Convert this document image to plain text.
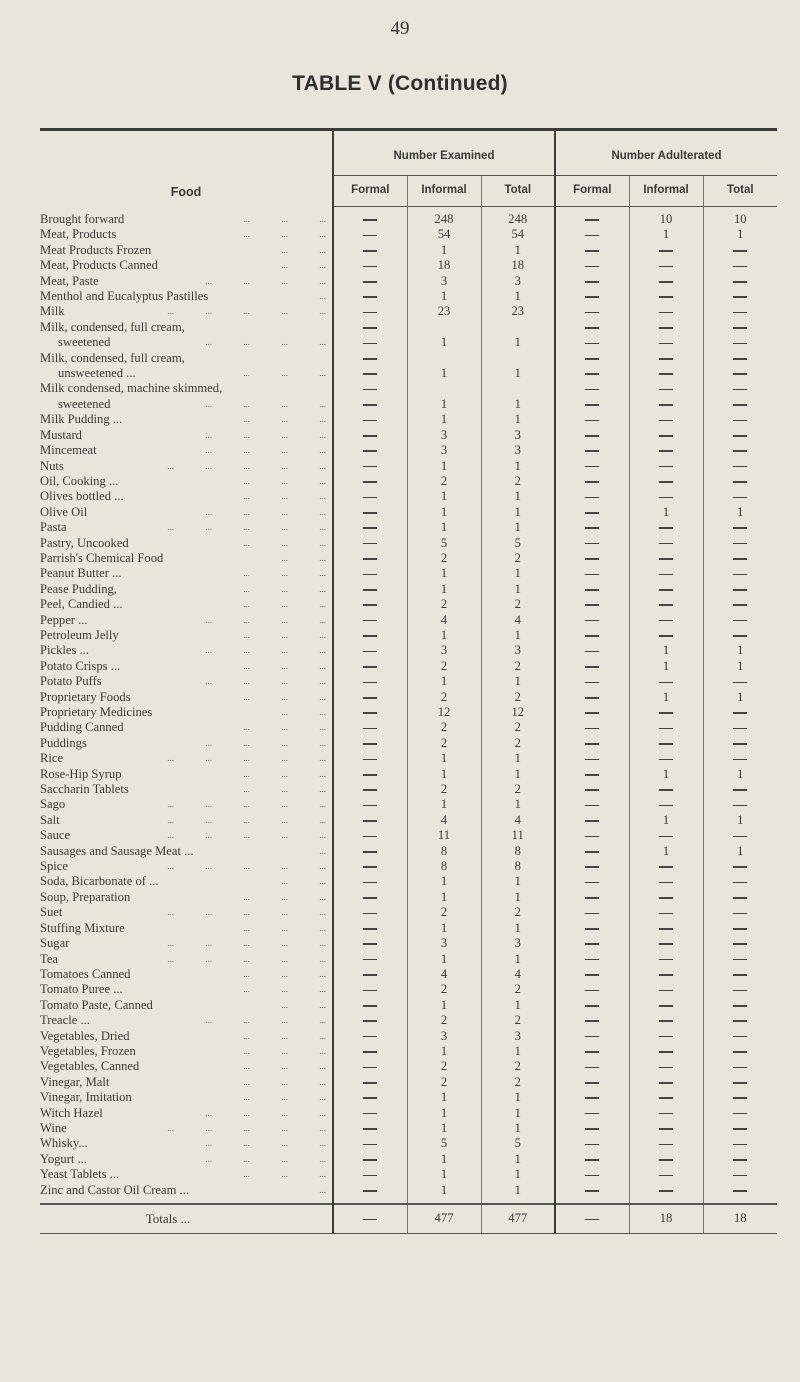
49
TABLE V (Continued)
Food	Number Examined			Number Adulterated		
	Formal	Informal	Total	Formal	Informal	Total

Brought forward ... ... ...		248	248		10	10

Meat, Products ... ... ...		54	54		1	1

Meat Products Frozen ... ...		1	1			

Meat, Products Canned ... ...		18	18			

Meat, Paste ... ... ... ...		3	3			

Menthol and Eucalyptus Pastilles ...		1	1			

Milk	...	...	...	...	...		23	23			

Milk, condensed, full cream,						

sweetened ... ... ... ...		1	1			

Milk, condensed, full cream,						

unsweetened ... ... ... ...		1	1			

Milk condensed, machine skimmed,						

sweetened ... ... ... ...		1	1			

Milk Pudding ... ... ... ...		1	1			

Mustard ... ... ... ...		3	3			

Mincemeat ... ... ... ...		3	3			

Nuts	...	...	...	...	...		1	1			

Oil, Cooking ... ... ... ...		2	2			

Olives bottled ... ... ... ...		1	1			

Olive Oil ... ... ... ...		1	1		1	1

Pasta	...	...	...	...	...		1	1			

Pastry, Uncooked ... ... ...		5	5			

Parrish's Chemical Food ... ...		2	2			

Peanut Butter ... ... ... ...		1	1			

Pease Pudding, ... ... ...		1	1			

Peel, Candied ... ... ... ...		2	2			

Pepper ... ... ... ... ...		4	4			

Petroleum Jelly ... ... ...		1	1			

Pickles ... ... ... ... ...		3	3		1	1

Potato Crisps ... ... ... ...		2	2		1	1

Potato Puffs ... ... ... ...		1	1			

Proprietary Foods ... ... ...		2	2		1	1

Proprietary Medicines ... ...		12	12			

Pudding Canned ... ... ...		2	2			

Puddings ... ... ... ...		2	2			

Rice	...	...	...	...	...		1	1			

Rose-Hip Syrup ... ... ...		1	1		1	1

Saccharin Tablets ... ... ...		2	2			

Sago	...	...	...	...	...		1	1			

Salt	...	...	...	...	...		4	4		1	1

Sauce	...	...	...	...	...		11	11			

Sausages and Sausage Meat ... ...		8	8		1	1

Spice	...	...	...	...	...		8	8			

Soda, Bicarbonate of ... ... ...		1	1			

Soup, Preparation ... ... ...		1	1			

Suet	...	...	...	...	...		2	2			

Stuffing Mixture ... ... ...		1	1			

Sugar	...	...	...	...	...		3	3			

Tea	...	...	...	...	...		1	1			

Tomatoes Canned ... ... ...		4	4			

Tomato Puree ... ... ... ...		2	2			

Tomato Paste, Canned ... ...		1	1			

Treacle ... ... ... ... ...		2	2			

Vegetables, Dried ... ... ...		3	3			

Vegetables, Frozen ... ... ...		1	1			

Vegetables, Canned ... ... ...		2	2			

Vinegar, Malt ... ... ...		2	2			

Vinegar, Imitation ... ... ...		1	1			

Witch Hazel ... ... ... ...		1	1			

Wine	...	...	...	...	...		1	1			

Whisky... ... ... ... ...		5	5			

Yogurt ... ... ... ... ...		1	1			

Yeast Tablets ... ... ... ...		1	1			

Zinc and Castor Oil Cream ... ...		1	1			

Totals ...		477	477		18	18
